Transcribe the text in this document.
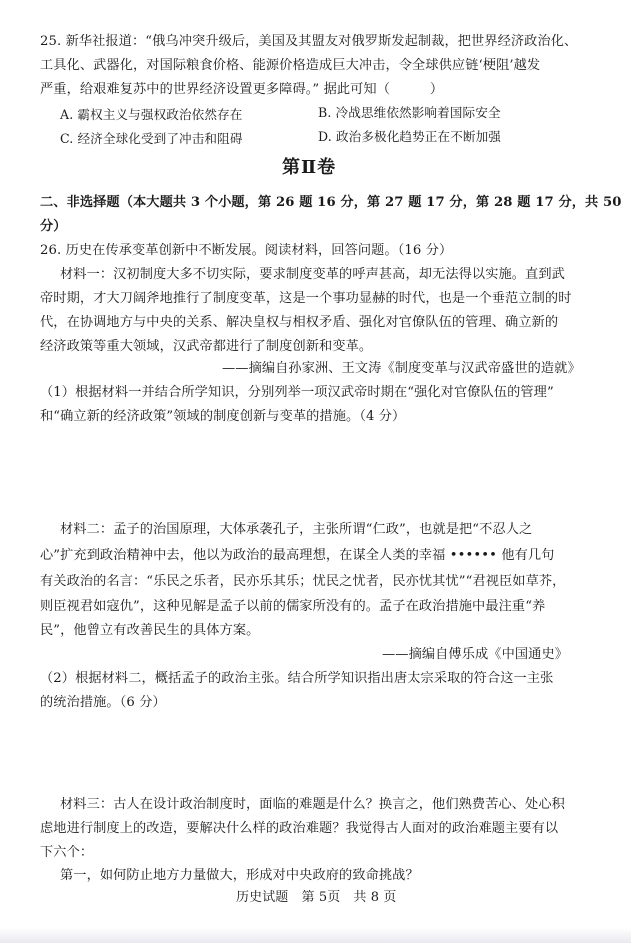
25. 新华社报道：“俄乌冲突升级后，美国及其盟友对俄罗斯发起制裁，把世界经济政治化、
工具化、武器化，对国际粮食价格、能源价格造成巨大冲击，令全球供应链‘梗阻’越发
严重，给艰难复苏中的世界经济设置更多障碍。” 据此可知（　　　）
A. 霸权主义与强权政治依然存在	B. 冷战思维依然影响着国际安全
C. 经济全球化受到了冲击和阻碍	D. 政治多极化趋势正在不断加强
第Ⅱ卷
二、非选择题（本大题共 3 个小题，第 26 题 16 分，第 27 题 17 分，第 28 题 17 分，共 50
分）
26. 历史在传承变革创新中不断发展。阅读材料，回答问题。（16 分）
材料一：汉初制度大多不切实际，要求制度变革的呼声甚高，却无法得以实施。直到武
帝时期，才大刀阔斧地推行了制度变革，这是一个事功显赫的时代，也是一个垂范立制的时
代，在协调地方与中央的关系、解决皇权与相权矛盾、强化对官僚队伍的管理、确立新的
经济政策等重大领域，汉武帝都进行了制度创新和变革。
——摘编自孙家洲、王文涛《制度变革与汉武帝盛世的造就》
（1）根据材料一并结合所学知识，分别列举一项汉武帝时期在“强化对官僚队伍的管理”
和“确立新的经济政策”领域的制度创新与变革的措施。（4 分）
材料二：孟子的治国原理，大体承袭孔子，主张所谓“仁政”，也就是把“不忍人之
心”扩充到政治精神中去，他以为政治的最高理想，在谋全人类的幸福 •••••• 他有几句
有关政治的名言：“乐民之乐者，民亦乐其乐；忧民之忧者，民亦忧其忧”“君视臣如草芥，
则臣视君如寇仇”，这种见解是孟子以前的儒家所没有的。孟子在政治措施中最注重“养
民”，他曾立有改善民生的具体方案。
——摘编自傅乐成《中国通史》
（2）根据材料二，概括孟子的政治主张。结合所学知识指出唐太宗采取的符合这一主张
的统治措施。（6 分）
材料三：古人在设计政治制度时，面临的难题是什么？换言之，他们熟费苦心、处心积
虑地进行制度上的改造，要解决什么样的政治难题？我觉得古人面对的政治难题主要有以
下六个：
第一，如何防止地方力量做大，形成对中央政府的致命挑战？
历史试题　第 5页　共 8 页
